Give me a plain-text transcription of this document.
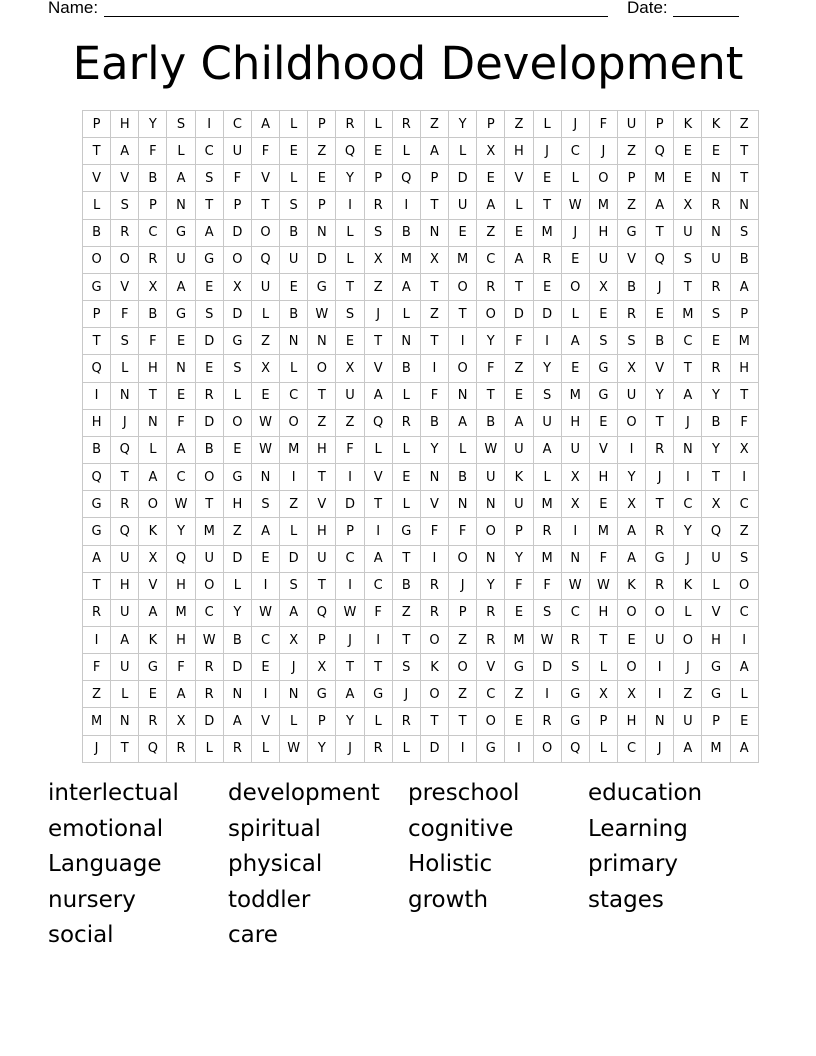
Name:	Date:
Early Childhood Development
P	H	Y	S	I	C	A	L	P	R	L	R	Z	Y	P	Z	L	J	F	U	P	K	K	Z
T	A	F	L	C	U	F	E	Z	Q	E	L	A	L	X	H	J	C	J	Z	Q	E	E	T
V	V	B	A	S	F	V	L	E	Y	P	Q	P	D	E	V	E	L	O	P	M	E	N	T
L	S	P	N	T	P	T	S	P	I	R	I	T	U	A	L	T	W	M	Z	A	X	R	N
B	R	C	G	A	D	O	B	N	L	S	B	N	E	Z	E	M	J	H	G	T	U	N	S
O	O	R	U	G	O	Q	U	D	L	X	M	X	M	C	A	R	E	U	V	Q	S	U	B
G	V	X	A	E	X	U	E	G	T	Z	A	T	O	R	T	E	O	X	B	J	T	R	A
P	F	B	G	S	D	L	B	W	S	J	L	Z	T	O	D	D	L	E	R	E	M	S	P
T	S	F	E	D	G	Z	N	N	E	T	N	T	I	Y	F	I	A	S	S	B	C	E	M
Q	L	H	N	E	S	X	L	O	X	V	B	I	O	F	Z	Y	E	G	X	V	T	R	H
I	N	T	E	R	L	E	C	T	U	A	L	F	N	T	E	S	M	G	U	Y	A	Y	T
H	J	N	F	D	O	W	O	Z	Z	Q	R	B	A	B	A	U	H	E	O	T	J	B	F
B	Q	L	A	B	E	W	M	H	F	L	L	Y	L	W	U	A	U	V	I	R	N	Y	X
Q	T	A	C	O	G	N	I	T	I	V	E	N	B	U	K	L	X	H	Y	J	I	T	I
G	R	O	W	T	H	S	Z	V	D	T	L	V	N	N	U	M	X	E	X	T	C	X	C
G	Q	K	Y	M	Z	A	L	H	P	I	G	F	F	O	P	R	I	M	A	R	Y	Q	Z
A	U	X	Q	U	D	E	D	U	C	A	T	I	O	N	Y	M	N	F	A	G	J	U	S
T	H	V	H	O	L	I	S	T	I	C	B	R	J	Y	F	F	W	W	K	R	K	L	O
R	U	A	M	C	Y	W	A	Q	W	F	Z	R	P	R	E	S	C	H	O	O	L	V	C
I	A	K	H	W	B	C	X	P	J	I	T	O	Z	R	M	W	R	T	E	U	O	H	I
F	U	G	F	R	D	E	J	X	T	T	S	K	O	V	G	D	S	L	O	I	J	G	A
Z	L	E	A	R	N	I	N	G	A	G	J	O	Z	C	Z	I	G	X	X	I	Z	G	L
M	N	R	X	D	A	V	L	P	Y	L	R	T	T	O	E	R	G	P	H	N	U	P	E
J	T	Q	R	L	R	L	W	Y	J	R	L	D	I	G	I	O	Q	L	C	J	A	M	A
interlectual development preschool	education
emotional	spiritual	cognitive	Learning
Language	physical	Holistic	primary
nursery	toddler	growth	stages
social	care
